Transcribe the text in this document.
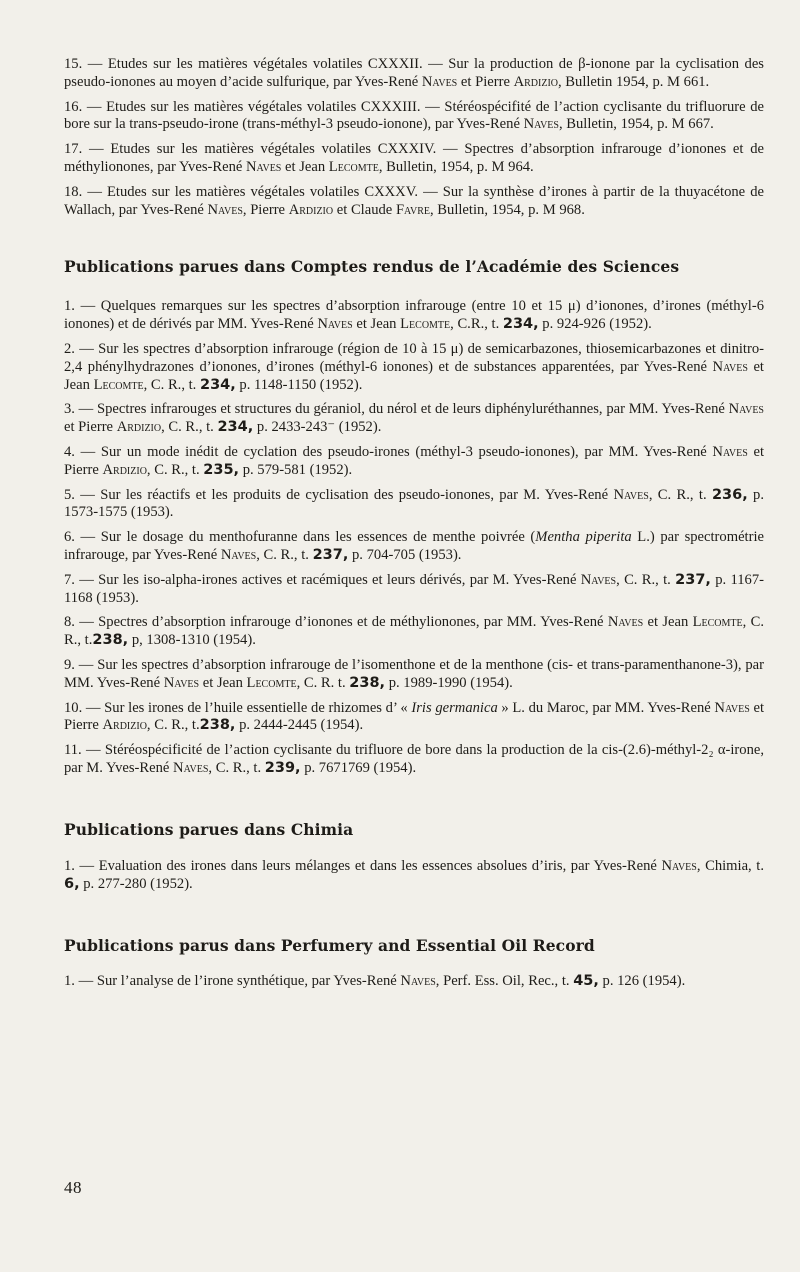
15. — Etudes sur les matières végétales volatiles CXXXII. — Sur la production de β-ionone par la cyclisation des pseudo-ionones au moyen d’acide sulfurique, par Yves-René Naves et Pierre Ardizio, Bulletin 1954, p. M 661.

16. — Etudes sur les matières végétales volatiles CXXXIII. — Stéréospécifité de l’action cyclisante du trifluorure de bore sur la trans-pseudo-irone (trans-méthyl-3 pseudo-ionone), par Yves-René Naves, Bulletin, 1954, p. M 667.

17. — Etudes sur les matières végétales volatiles CXXXIV. — Spectres d’absorption infrarouge d’ionones et de méthylionones, par Yves-René Naves et Jean Lecomte, Bulletin, 1954, p. M 964.

18. — Etudes sur les matières végétales volatiles CXXXV. — Sur la synthèse d’irones à partir de la thuyacétone de Wallach, par Yves-René Naves, Pierre Ardizio et Claude Favre, Bulletin, 1954, p. M 968.

Publications parues dans Comptes rendus de l’Académie des Sciences

1. — Quelques remarques sur les spectres d’absorption infrarouge (entre 10 et 15 μ) d’ionones, d’irones (méthyl-6 ionones) et de dérivés par MM. Yves-René Naves et Jean Lecomte, C.R., t. 234, p. 924-926 (1952).

2. — Sur les spectres d’absorption infrarouge (région de 10 à 15 μ) de semicarbazones, thiosemicarbazones et dinitro-2,4 phénylhydrazones d’ionones, d’irones (méthyl-6 ionones) et de substances apparentées, par Yves-René Naves et Jean Lecomte, C. R., t. 234, p. 1148-1150 (1952).

3. — Spectres infrarouges et structures du géraniol, du nérol et de leurs diphényluréthannes, par MM. Yves-René Naves et Pierre Ardizio, C. R., t. 234, p. 2433-243⁻ (1952).

4. — Sur un mode inédit de cyclation des pseudo-irones (méthyl-3 pseudo-ionones), par MM. Yves-René Naves et Pierre Ardizio, C. R., t. 235, p. 579-581 (1952).

5. — Sur les réactifs et les produits de cyclisation des pseudo-ionones, par M. Yves-René Naves, C. R., t. 236, p. 1573-1575 (1953).

6. — Sur le dosage du menthofuranne dans les essences de menthe poivrée (Mentha piperita L.) par spectrométrie infrarouge, par Yves-René Naves, C. R., t. 237, p. 704-705 (1953).

7. — Sur les iso-alpha-irones actives et racémiques et leurs dérivés, par M. Yves-René Naves, C. R., t. 237, p. 1167-1168 (1953).

8. — Spectres d’absorption infrarouge d’ionones et de méthylionones, par MM. Yves-René Naves et Jean Lecomte, C. R., t.238, p, 1308-1310 (1954).

9. — Sur les spectres d’absorption infrarouge de l’isomenthone et de la menthone (cis- et trans-paramenthanone-3), par MM. Yves-René Naves et Jean Lecomte, C. R. t. 238, p. 1989-1990 (1954).

10. — Sur les irones de l’huile essentielle de rhizomes d’ « Iris germanica » L. du Maroc, par MM. Yves-René Naves et Pierre Ardizio, C. R., t.238, p. 2444-2445 (1954).

11. — Stéréospécificité de l’action cyclisante du trifluore de bore dans la production de la cis-(2.6)-méthyl-2₂ α-irone, par M. Yves-René Naves, C. R., t. 239, p. 7671769 (1954).

Publications parues dans Chimia

1. — Evaluation des irones dans leurs mélanges et dans les essences absolues d’iris, par Yves-René Naves, Chimia, t. 6, p. 277-280 (1952).

Publications parus dans Perfumery and Essential Oil Record

1. — Sur l’analyse de l’irone synthétique, par Yves-René Naves, Perf. Ess. Oil, Rec., t. 45, p. 126 (1954).

48
